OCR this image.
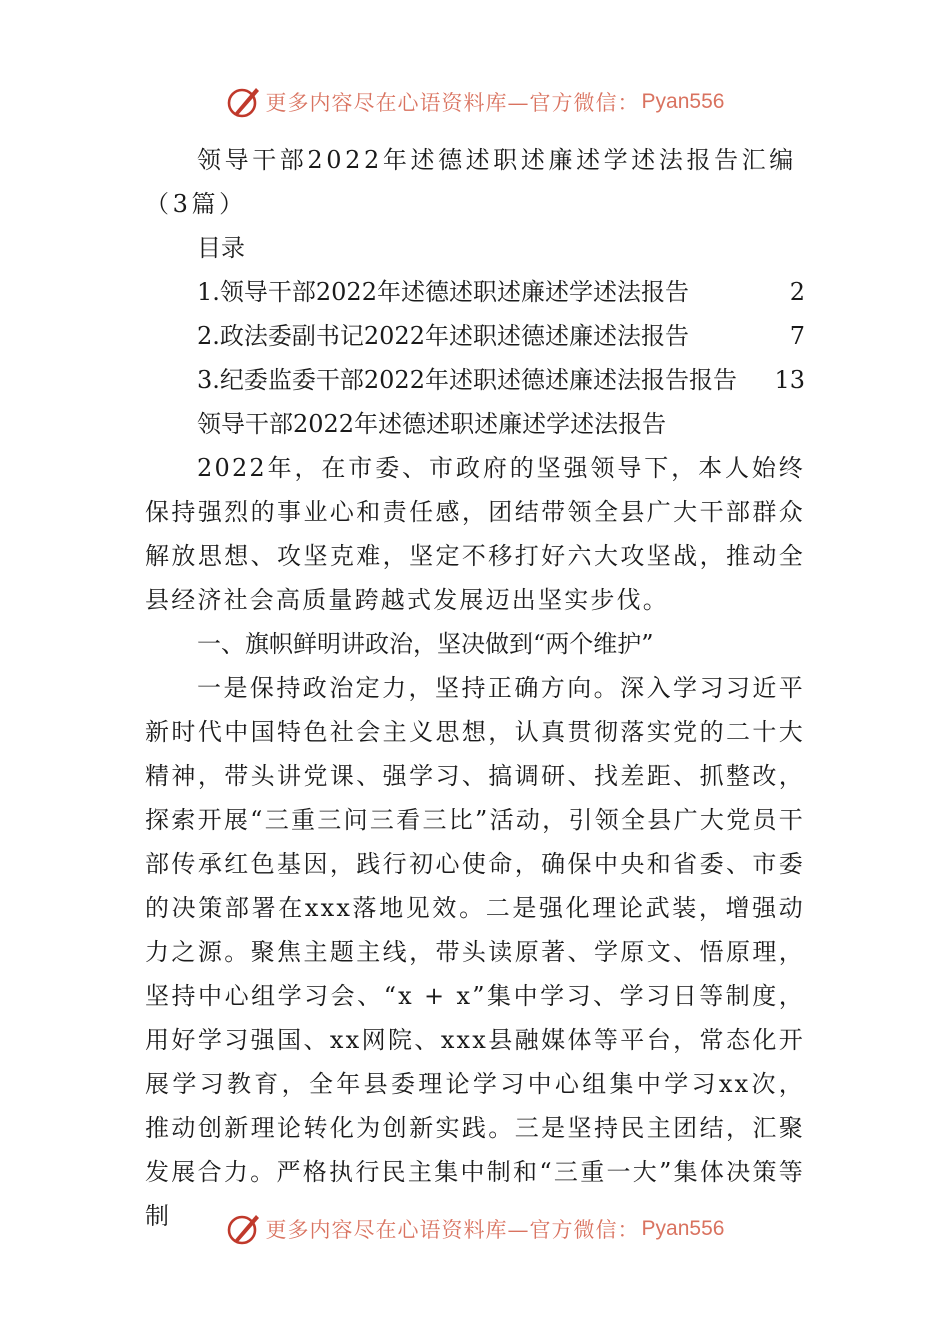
更多内容尽在心语资料库—官方微信： Pyan556
领导干部2022年述德述职述廉述学述法报告汇编（3篇）
目录
1.领导干部2022年述德述职述廉述学述法报告	2
2.政法委副书记2022年述职述德述廉述法报告	7
3.纪委监委干部2022年述职述德述廉述法报告报告 13
领导干部2022年述德述职述廉述学述法报告

2022年，在市委、市政府的坚强领导下，本人始终保持强烈的事业心和责任感，团结带领全县广大干部群众解放思想、攻坚克难，坚定不移打好六大攻坚战，推动全县经济社会高质量跨越式发展迈出坚实步伐。

一、旗帜鲜明讲政治，坚决做到“两个维护”

一是保持政治定力，坚持正确方向。深入学习习近平新时代中国特色社会主义思想，认真贯彻落实党的二十大精神，带头讲党课、强学习、搞调研、找差距、抓整改，探索开展“三重三问三看三比”活动，引领全县广大党员干部传承红色基因，践行初心使命，确保中央和省委、市委的决策部署在xxx落地见效。二是强化理论武装，增强动力之源。聚焦主题主线，带头读原著、学原文、悟原理，坚持中心组学习会、“x + x”集中学习、学习日等制度，用好学习强国、xx网院、xxx县融媒体等平台，常态化开展学习教育，全年县委理论学习中心组集中学习xx次，推动创新理论转化为创新实践。三是坚持民主团结，汇聚发展合力。严格执行民主集中制和“三重一大”集体决策等制	更多内容尽在心语资料库—官方微信： Pyan556
